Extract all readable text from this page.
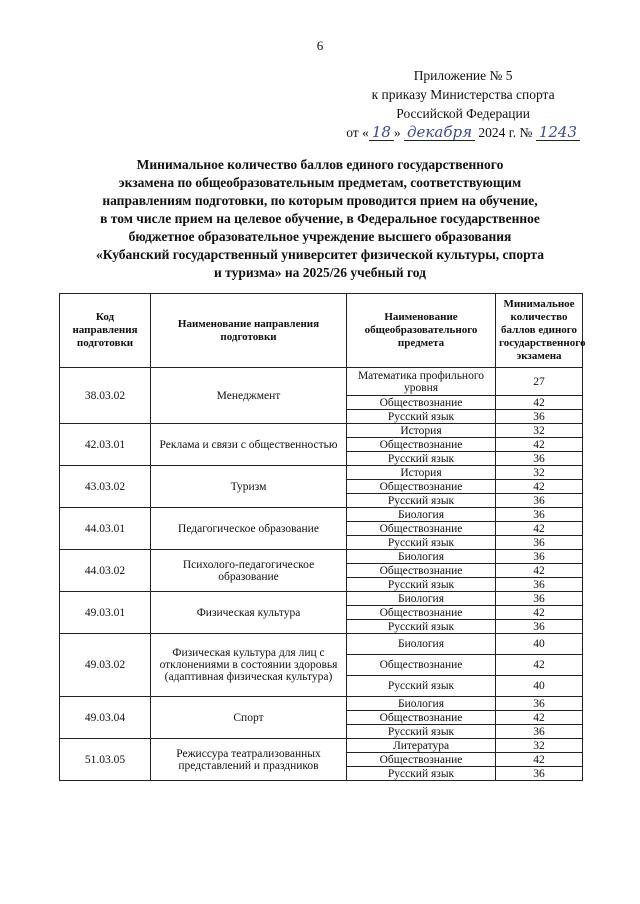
6
Приложение № 5
к приказу Министерства спорта
Российской Федерации
от « 18 » декабря 2024 г. № 1243
Минимальное количество баллов единого государственного
экзамена по общеобразовательным предметам, соответствующим
направлениям подготовки, по которым проводится прием на обучение,
в том числе прием на целевое обучение, в Федеральное государственное
бюджетное образовательное учреждение высшего образования
«Кубанский государственный университет физической культуры, спорта
и туризма» на 2025/26 учебный год
Код направления подготовки	Наименование направления подготовки	Наименование общеобразовательного предмета	Минимальное количество баллов единого государственного экзамена
38.03.02	Менеджмент	Математика профильного уровня	27
		Обществознание	42
		Русский язык	36
42.03.01	Реклама и связи с общественностью	История	32
		Обществознание	42
		Русский язык	36
43.03.02	Туризм	История	32
		Обществознание	42
		Русский язык	36
44.03.01	Педагогическое образование	Биология	36
		Обществознание	42
		Русский язык	36
44.03.02	Психолого-педагогическое образование	Биология	36
		Обществознание	42
		Русский язык	36
49.03.01	Физическая культура	Биология	36
		Обществознание	42
		Русский язык	36
49.03.02	Физическая культура для лиц с отклонениями в состоянии здоровья (адаптивная физическая культура)	Биология	40
		Обществознание	42
		Русский язык	40
49.03.04	Спорт	Биология	36
		Обществознание	42
		Русский язык	36
51.03.05	Режиссура театрализованных представлений и праздников	Литература	32
		Обществознание	42
		Русский язык	36
